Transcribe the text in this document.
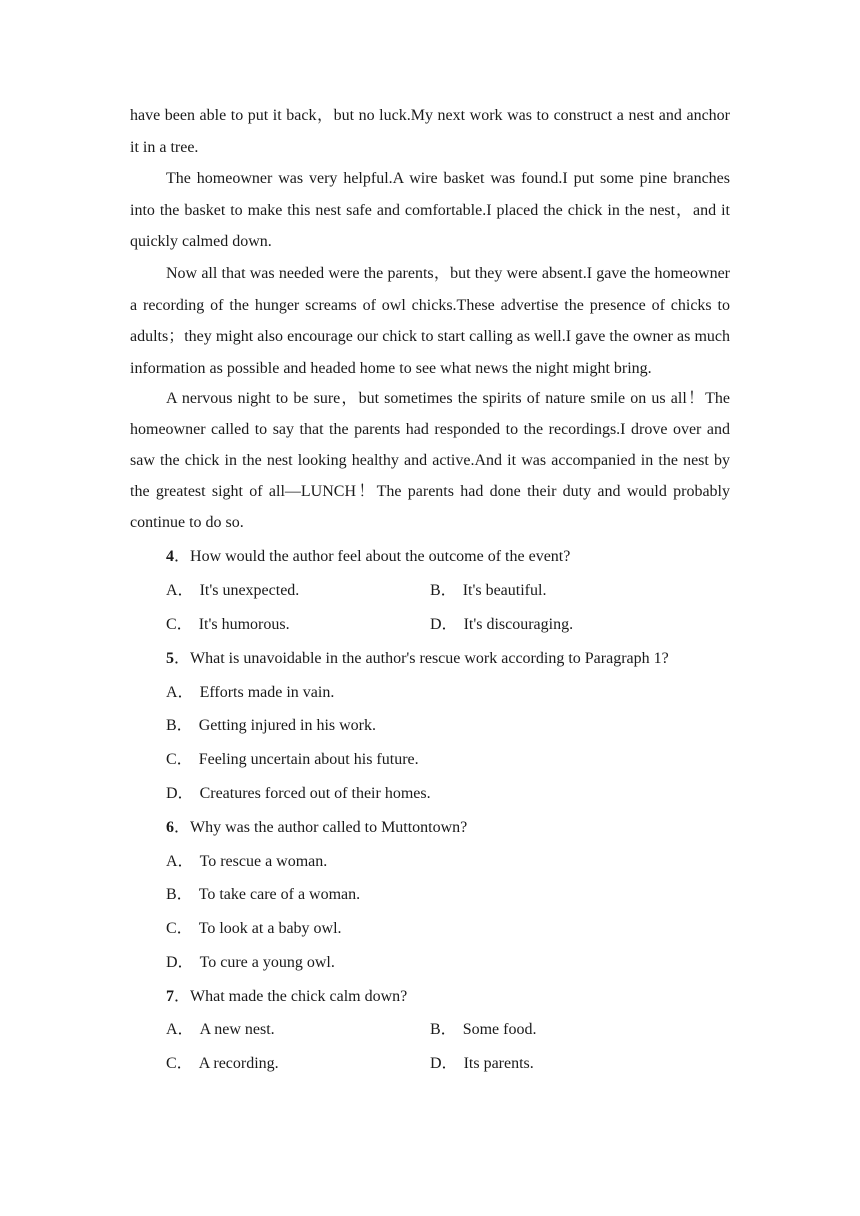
have been able to put it back，but no luck.My next work was to construct a nest and anchor it in a tree.

The homeowner was very helpful.A wire basket was found.I put some pine branches into the basket to make this nest safe and comfortable.I placed the chick in the nest，and it quickly calmed down.

Now all that was needed were the parents，but they were absent.I gave the homeowner a recording of the hunger screams of owl chicks.These advertise the presence of chicks to adults；they might also encourage our chick to start calling as well.I gave the owner as much information as possible and headed home to see what news the night might bring.

A nervous night to be sure，but sometimes the spirits of nature smile on us all！The homeowner called to say that the parents had responded to the recordings.I drove over and saw the chick in the nest looking healthy and active.And it was accompanied in the nest by the greatest sight of all—LUNCH！The parents had done their duty and would probably continue to do so.

4．How would the author feel about the outcome of the event?

A． It's unexpected.	B． It's beautiful.

C． It's humorous.	D． It's discouraging.

5．What is unavoidable in the author's rescue work according to Paragraph 1?

A． Efforts made in vain.

B． Getting injured in his work.

C． Feeling uncertain about his future.

D． Creatures forced out of their homes.

6．Why was the author called to Muttontown?

A． To rescue a woman.

B． To take care of a woman.

C． To look at a baby owl.

D． To cure a young owl.

7．What made the chick calm down?

A． A new nest.	B． Some food.

C． A recording.	D． Its parents.
